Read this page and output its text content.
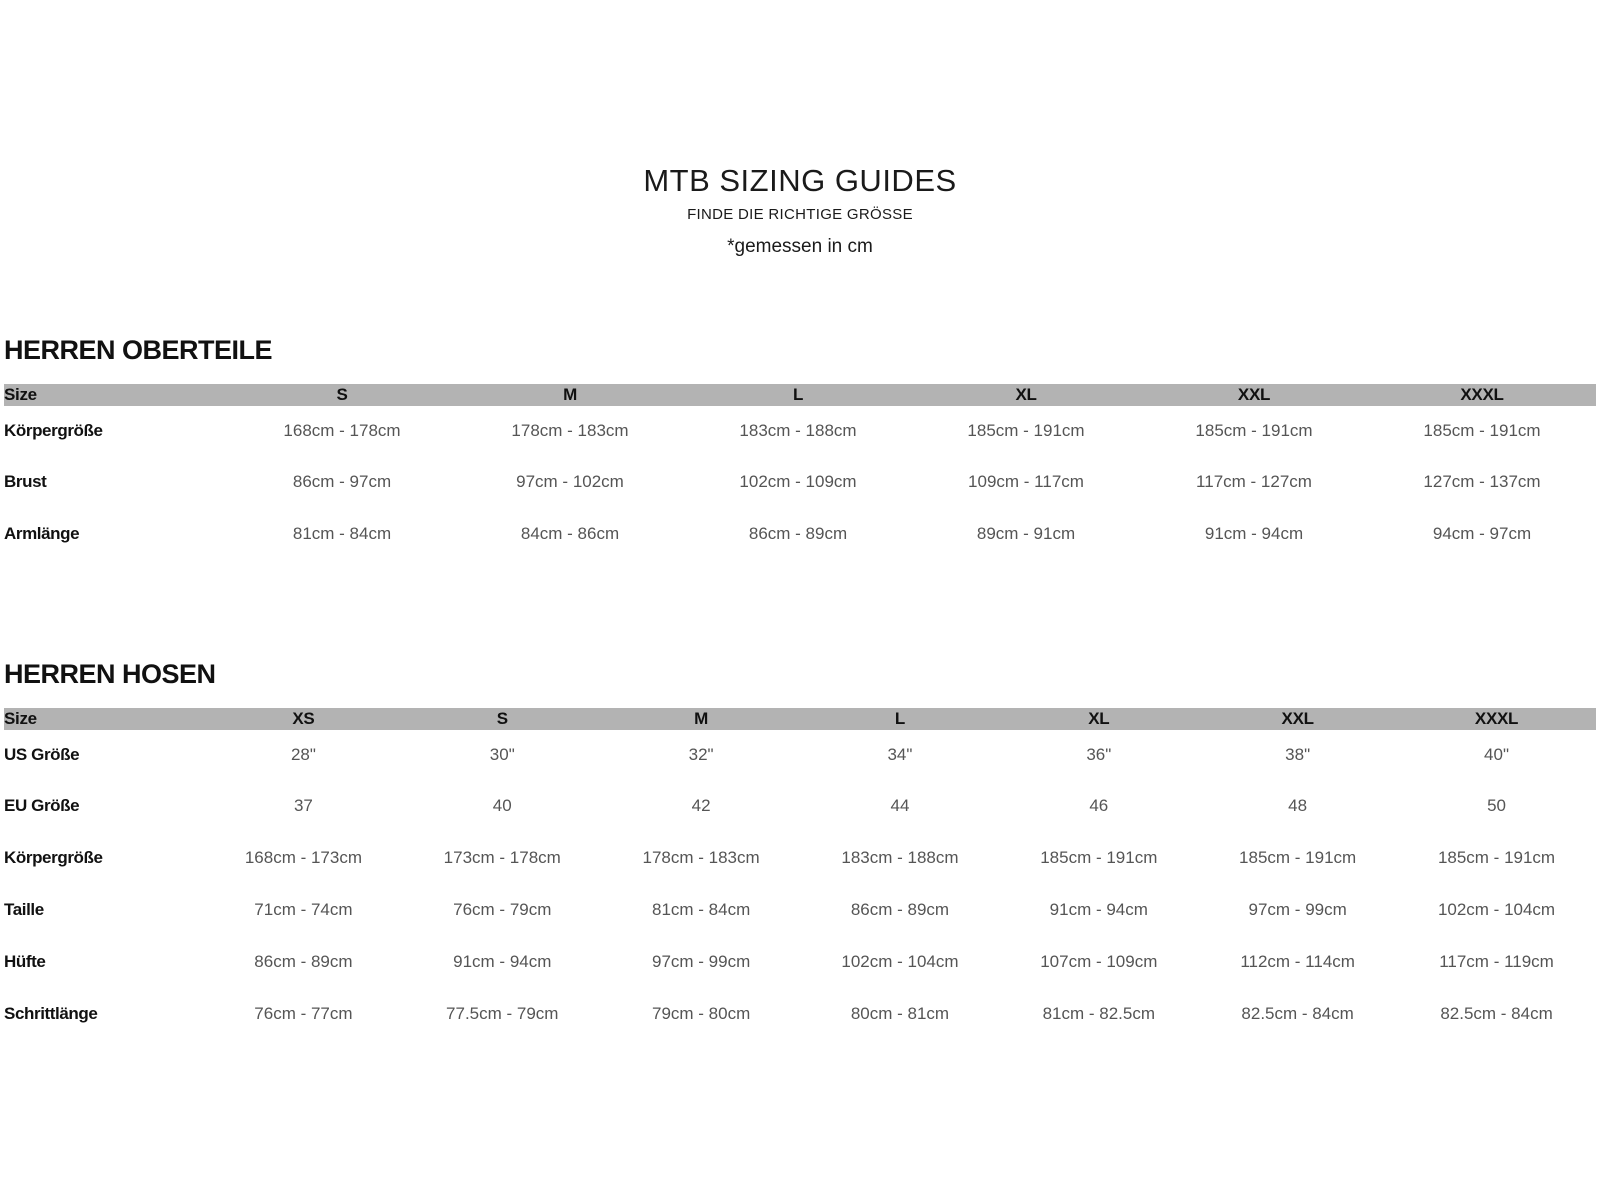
MTB SIZING GUIDES
FINDE DIE RICHTIGE GRÖSSE
*gemessen in cm
HERREN OBERTEILE
Size	S	M	L	XL	XXL	XXXL
Körpergröße	168cm - 178cm	178cm - 183cm	183cm - 188cm	185cm - 191cm	185cm - 191cm	185cm - 191cm
Brust	86cm - 97cm	97cm - 102cm	102cm - 109cm	109cm - 117cm	117cm - 127cm	127cm - 137cm
Armlänge	81cm - 84cm	84cm - 86cm	86cm - 89cm	89cm - 91cm	91cm - 94cm	94cm - 97cm
HERREN HOSEN
Size	XS	S	M	L	XL	XXL	XXXL
US Größe	28"	30"	32"	34"	36"	38"	40"
EU Größe	37	40	42	44	46	48	50
Körpergröße	168cm - 173cm	173cm - 178cm	178cm - 183cm	183cm - 188cm	185cm - 191cm	185cm - 191cm	185cm - 191cm
Taille	71cm - 74cm	76cm - 79cm	81cm - 84cm	86cm - 89cm	91cm - 94cm	97cm - 99cm	102cm - 104cm
Hüfte	86cm - 89cm	91cm - 94cm	97cm - 99cm	102cm - 104cm	107cm - 109cm	112cm - 114cm	117cm - 119cm
Schrittlänge	76cm - 77cm	77.5cm - 79cm	79cm - 80cm	80cm - 81cm	81cm - 82.5cm	82.5cm - 84cm	82.5cm - 84cm
